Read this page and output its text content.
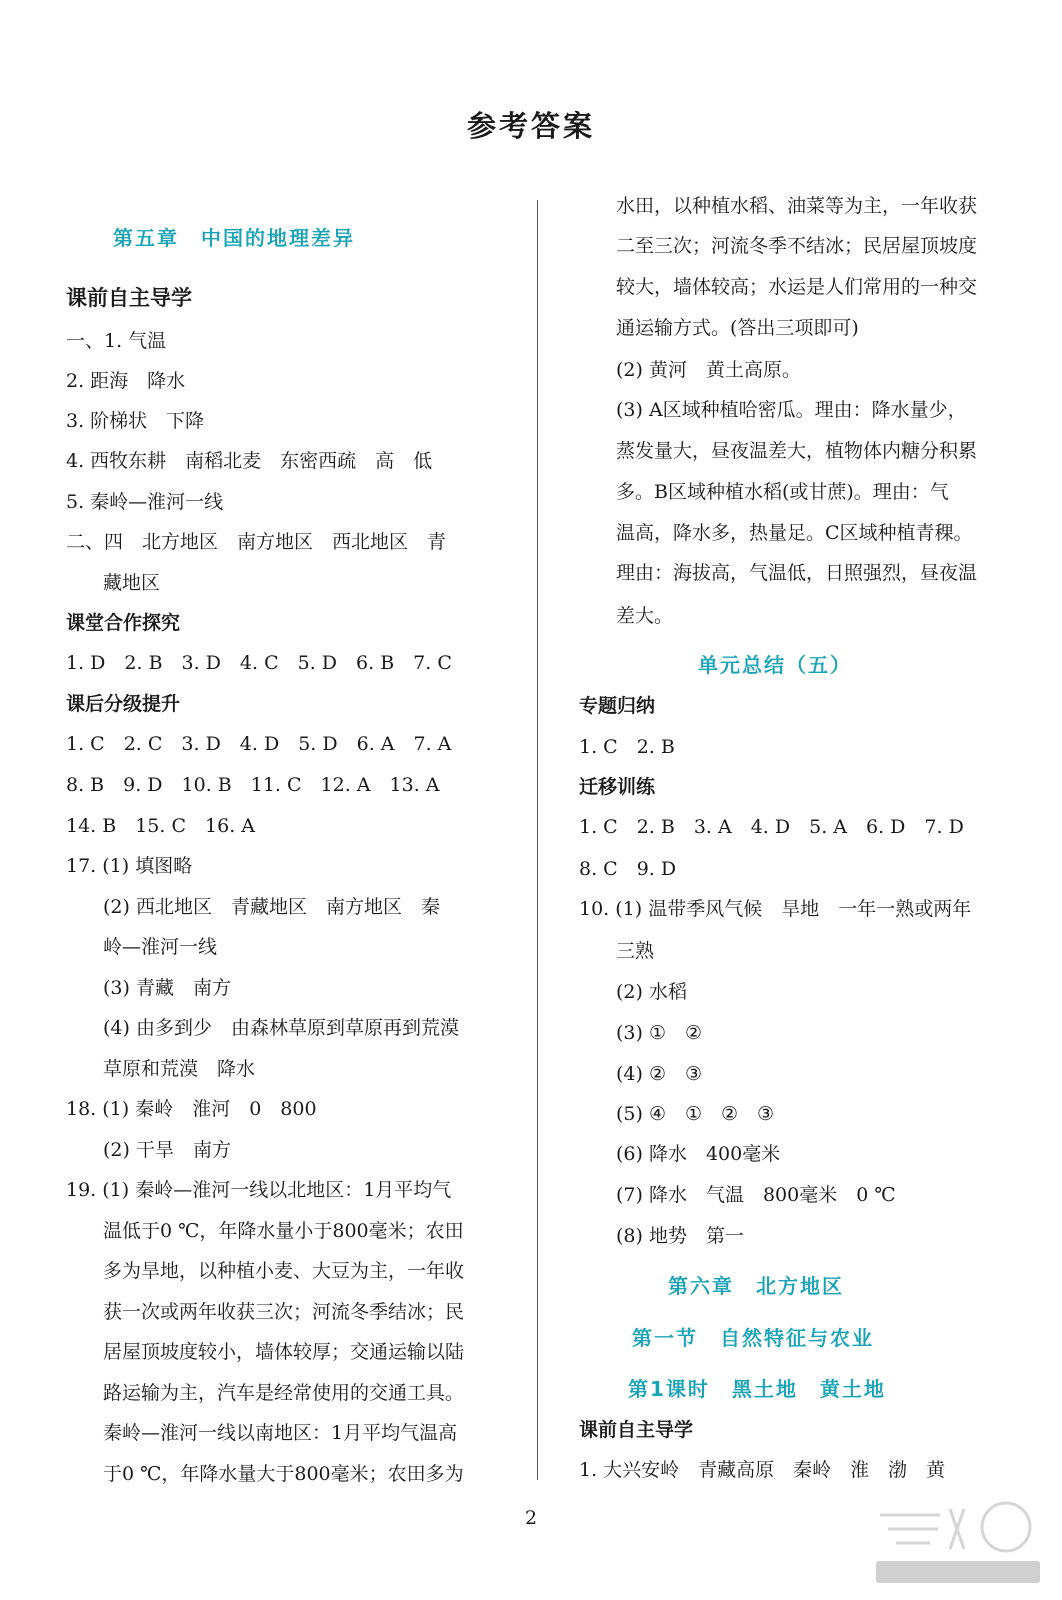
参考答案
第五章　中国的地理差异
课前自主导学
一、1. 气温
2. 距海　降水
3. 阶梯状　下降
4. 西牧东耕　南稻北麦　东密西疏　高　低
5. 秦岭—淮河一线
二、四　北方地区　南方地区　西北地区　青
藏地区
课堂合作探究
1. D　2. B　3. D　4. C　5. D　6. B　7. C
课后分级提升
1. C　2. C　3. D　4. D　5. D　6. A　7. A
8. B　9. D　10. B　11. C　12. A　13. A
14. B　15. C　16. A
17. (1) 填图略
(2) 西北地区　青藏地区　南方地区　秦
岭—淮河一线
(3) 青藏　南方
(4) 由多到少　由森林草原到草原再到荒漠
草原和荒漠　降水
18. (1) 秦岭　淮河　0　800
(2) 干旱　南方
19. (1) 秦岭—淮河一线以北地区：1月平均气
温低于0 ℃，年降水量小于800毫米；农田
多为旱地，以种植小麦、大豆为主，一年收
获一次或两年收获三次；河流冬季结冰；民
居屋顶坡度较小，墙体较厚；交通运输以陆
路运输为主，汽车是经常使用的交通工具。
秦岭—淮河一线以南地区：1月平均气温高
于0 ℃，年降水量大于800毫米；农田多为
水田，以种植水稻、油菜等为主，一年收获
二至三次；河流冬季不结冰；民居屋顶坡度
较大，墙体较高；水运是人们常用的一种交
通运输方式。(答出三项即可)
(2) 黄河　黄土高原。
(3) A区域种植哈密瓜。理由：降水量少，
蒸发量大，昼夜温差大，植物体内糖分积累
多。B区域种植水稻(或甘蔗)。理由：气
温高，降水多，热量足。C区域种植青稞。
理由：海拔高，气温低，日照强烈，昼夜温
差大。
单元总结（五）
专题归纳
1. C　2. B
迁移训练
1. C　2. B　3. A　4. D　5. A　6. D　7. D
8. C　9. D
10. (1) 温带季风气候　旱地　一年一熟或两年
三熟
(2) 水稻
(3) ①　②
(4) ②　③
(5) ④　①　②　③
(6) 降水　400毫米
(7) 降水　气温　800毫米　0 ℃
(8) 地势　第一
第六章　北方地区
第一节　自然特征与农业
第1课时　黑土地　黄土地
课前自主导学
1. 大兴安岭　青藏高原　秦岭　淮　渤　黄
2
